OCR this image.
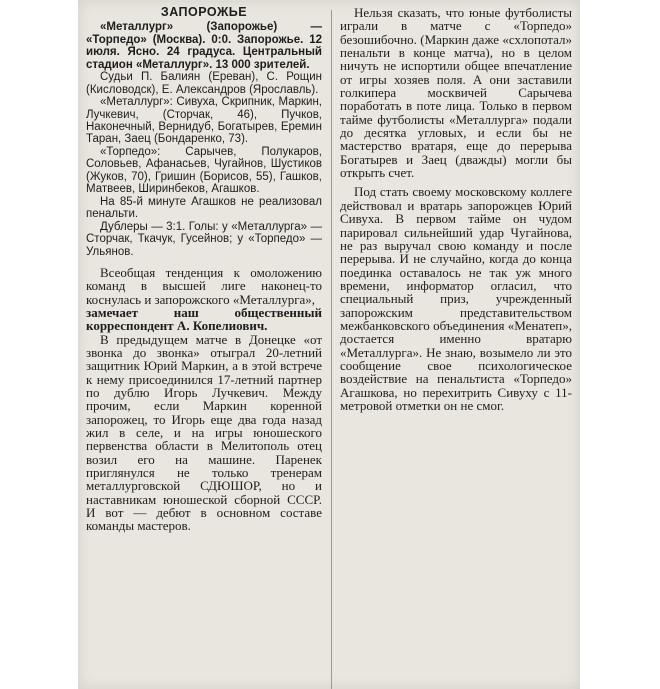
ЗАПОРОЖЬЕ

«Металлург» (Запорожье) — «Торпедо» (Москва). 0:0. Запорожье. 12 июля. Ясно. 24 градуса. Центральный стадион «Металлург». 13 000 зрителей.

Судьи П. Балиян (Ереван), С. Рощин (Кисловодск), Е. Александров (Ярославль).

«Металлург»: Сивуха, Скрипник, Маркин, Лучкевич, (Сторчак, 46), Пучков, Наконечный, Вернидуб, Богатырев, Еремин Таран, Заец (Бондаренко, 73).

«Торпедо»: Сарычев, Полукаров, Соловьев, Афанасьев, Чугайнов, Шустиков (Жуков, 70), Гришин (Борисов, 55), Гашков, Матвеев, Ширинбеков, Агашков.

На 85-й минуте Агашков не реализовал пенальти.

Дублеры — 3:1. Голы: у «Металлурга» — Сторчак, Ткачук, Гусейнов; у «Торпедо» — Ульянов.

Всеобщая тенденция к омоложению команд в высшей лиге наконец-то коснулась и запорожского «Металлурга»,

замечает наш общественный корреспондент А. Копелиович.

В предыдущем матче в Донецке «от звонка до звонка» отыграл 20-летний защитник Юрий Маркин, а в этой встрече к нему присоединился 17-летний партнер по дублю Игорь Лучкевич. Между прочим, если Маркин коренной запорожец, то Игорь еще два года назад жил в селе, и на игры юношеского первенства области в Мелитополь отец возил его на машине. Паренек приглянулся не только тренерам металлурговской СДЮШОР, но и наставникам юношеской сборной СССР. И вот — дебют в основном составе команды мастеров.

Нельзя сказать, что юные футболисты играли в матче с «Торпедо» безошибочно. (Маркин даже «схлопотал» пенальти в конце матча), но в целом ничуть не испортили общее впечатление от игры хозяев поля. А они заставили голкипера москвичей Сарычева поработать в поте лица. Только в первом тайме футболисты «Металлурга» подали до десятка угловых, и если бы не мастерство вратаря, еще до перерыва Богатырев и Заец (дважды) могли бы открыть счет.

Под стать своему московскому коллеге действовал и вратарь запорожцев Юрий Сивуха. В первом тайме он чудом парировал сильнейший удар Чугайнова, не раз выручал свою команду и после перерыва. И не случайно, когда до конца поединка оставалось не так уж много времени, информатор огласил, что специальный приз, учрежденный запорожским представительством межбанковского объединения «Менатеп», достается именно вратарю «Металлурга». Не знаю, возымело ли это сообщение свое психологическое воздействие на пенальтиста «Торпедо» Агашкова, но перехитрить Сивуху с 11-метровой отметки он не смог.
